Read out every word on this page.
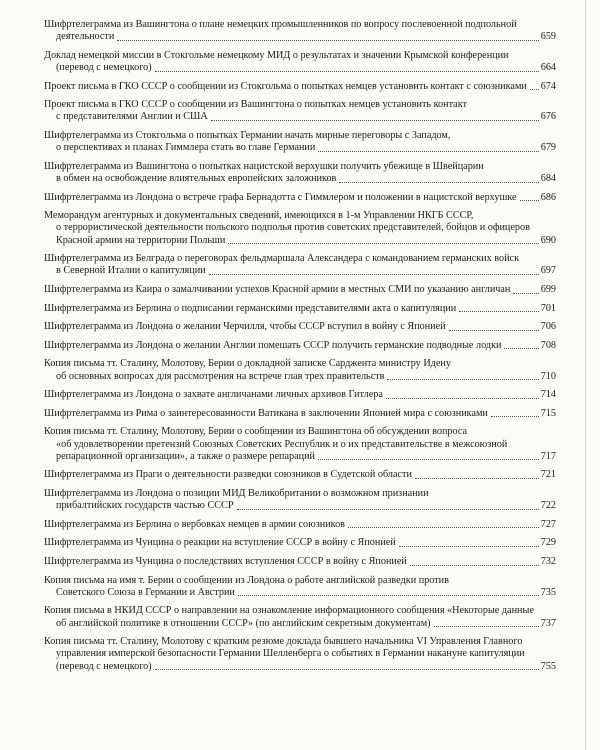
Шифртелеграмма из Вашингтона о плане немецких промышленников по вопросу послевоенной подпольной
деятельности	659
Доклад немецкой миссии в Стокгольме немецкому МИД о результатах и значении Крымской конференции
(перевод с немецкого)	664
Проект письма в ГКО СССР о сообщении из Стокгольма о попытках немцев установить контакт с союзниками 674
Проект письма в ГКО СССР о сообщении из Вашингтона о попытках немцев установить контакт
с представителями Англии и США	676
Шифртелеграмма из Стокгольма о попытках Германии начать мирные переговоры с Западом,
о перспективах и планах Гиммлера стать во главе Германии	679
Шифртелеграмма из Вашингтона о попытках нацистской верхушки получить убежище в Швейцарии
в обмен на освобождение влиятельных европейских заложников	684
Шифртелеграмма из Лондона о встрече графа Бернадотта с Гиммлером и положении в нацистской верхушке 686
Меморандум агентурных и документальных сведений, имеющихся в 1-м Управлении НКГБ СССР,
о террористической деятельности польского подполья против советских представителей, бойцов и офицеров
Красной армии на территории Польши	690
Шифртелеграмма из Белграда о переговорах фельдмаршала Александера с командованием германских войск
в Северной Италии о капитуляции	697
Шифртелеграмма из Каира о замалчивании успехов Красной армии в местных СМИ по указанию англичан	699
Шифртелеграмма из Берлина о подписании германскими представителями акта о капитуляции	701
Шифртелеграмма из Лондона о желании Черчилля, чтобы СССР вступил в войну с Японией	706
Шифртелеграмма из Лондона о желании Англии помешать СССР получить германские подводные лодки	708
Копия письма тт. Сталину, Молотову, Берии о докладной записке Сарджента министру Идену
об основных вопросах для рассмотрения на встрече глав трех правительств	710
Шифртелеграмма из Лондона о захвате англичанами личных архивов Гитлера	714
Шифртелеграмма из Рима о заинтересованности Ватикана в заключении Японией мира с союзниками	715
Копия письма тт. Сталину, Молотову, Берии о сообщении из Вашингтона об обсуждении вопроса
«об удовлетворении претензий Союзных Советских Республик и о их представительстве в межсоюзной
репарационной организации», а также о размере репараций	717
Шифртелеграмма из Праги о деятельности разведки союзников в Судетской области	721
Шифртелеграмма из Лондона о позиции МИД Великобритании о возможном признании
прибалтийских государств частью СССР	722
Шифртелеграмма из Берлина о вербовках немцев в армии союзников	727
Шифртелеграмма из Чунцина о реакции на вступление СССР в войну с Японией	729
Шифртелеграмма из Чунцина о последствиях вступления СССР в войну с Японией	732
Копия письма на имя т. Берии о сообщении из Лондона о работе английской разведки против
Советского Союза в Германии и Австрии	735
Копия письма в НКИД СССР о направлении на ознакомление информационного сообщения «Некоторые данные
об английской политике в отношении СССР» (по английским секретным документам)	737
Копия письма тт. Сталину, Молотову с кратким резюме доклада бывшего начальника VI Управления Главного
управления имперской безопасности Германии Шелленберга о событиях в Германии накануне капитуляции
(перевод с немецкого)	755
